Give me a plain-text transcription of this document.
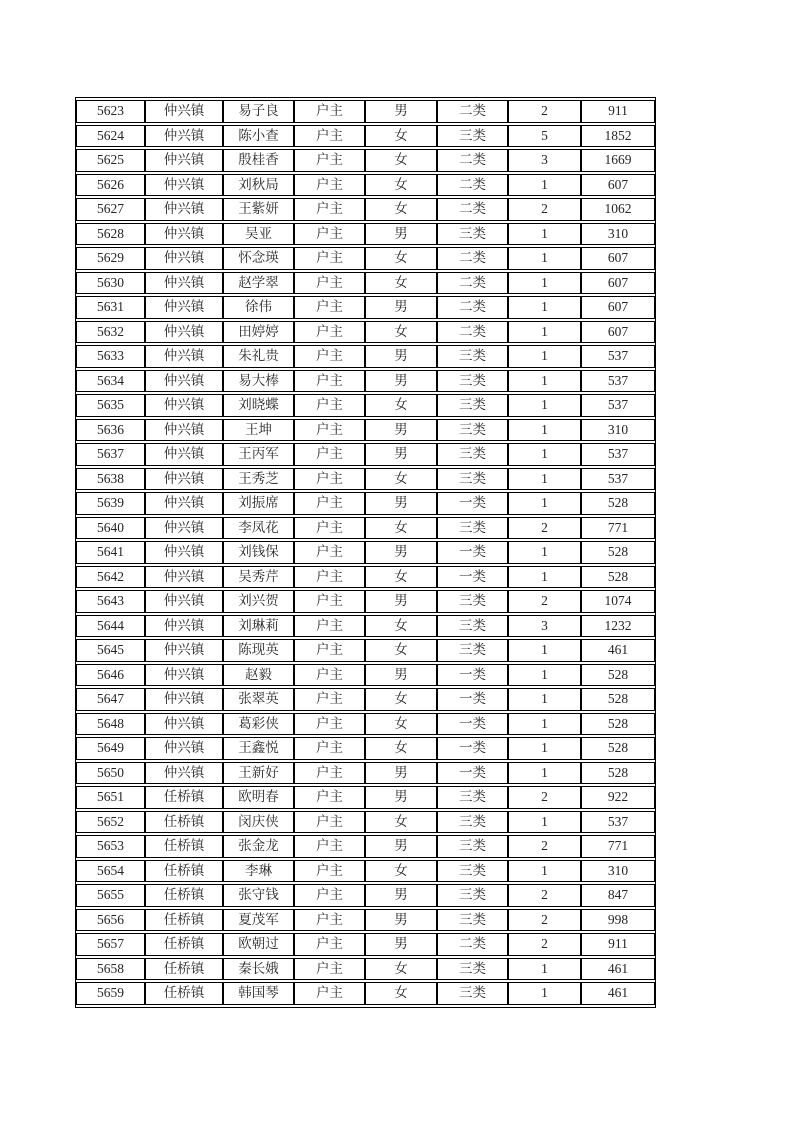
5623	仲兴镇	易子良	户主	男	二类	2	911
5624	仲兴镇	陈小查	户主	女	三类	5	1852
5625	仲兴镇	殷桂香	户主	女	二类	3	1669
5626	仲兴镇	刘秋局	户主	女	二类	1	607
5627	仲兴镇	王紫妍	户主	女	二类	2	1062
5628	仲兴镇	吴亚	户主	男	三类	1	310
5629	仲兴镇	怀念瑛	户主	女	二类	1	607
5630	仲兴镇	赵学翠	户主	女	二类	1	607
5631	仲兴镇	徐伟	户主	男	二类	1	607
5632	仲兴镇	田婷婷	户主	女	二类	1	607
5633	仲兴镇	朱礼贵	户主	男	三类	1	537
5634	仲兴镇	易大棒	户主	男	三类	1	537
5635	仲兴镇	刘晓蝶	户主	女	三类	1	537
5636	仲兴镇	王坤	户主	男	三类	1	310
5637	仲兴镇	王丙军	户主	男	三类	1	537
5638	仲兴镇	王秀芝	户主	女	三类	1	537
5639	仲兴镇	刘振席	户主	男	一类	1	528
5640	仲兴镇	李凤花	户主	女	三类	2	771
5641	仲兴镇	刘钱保	户主	男	一类	1	528
5642	仲兴镇	吴秀芹	户主	女	一类	1	528
5643	仲兴镇	刘兴贺	户主	男	三类	2	1074
5644	仲兴镇	刘琳莉	户主	女	三类	3	1232
5645	仲兴镇	陈现英	户主	女	三类	1	461
5646	仲兴镇	赵毅	户主	男	一类	1	528
5647	仲兴镇	张翠英	户主	女	一类	1	528
5648	仲兴镇	葛彩侠	户主	女	一类	1	528
5649	仲兴镇	王鑫悦	户主	女	一类	1	528
5650	仲兴镇	王新好	户主	男	一类	1	528
5651	任桥镇	欧明春	户主	男	三类	2	922
5652	任桥镇	闵庆侠	户主	女	三类	1	537
5653	任桥镇	张金龙	户主	男	三类	2	771
5654	任桥镇	李琳	户主	女	三类	1	310
5655	任桥镇	张守钱	户主	男	三类	2	847
5656	任桥镇	夏茂军	户主	男	三类	2	998
5657	任桥镇	欧朝过	户主	男	二类	2	911
5658	任桥镇	秦长娥	户主	女	三类	1	461
5659	任桥镇	韩国琴	户主	女	三类	1	461
